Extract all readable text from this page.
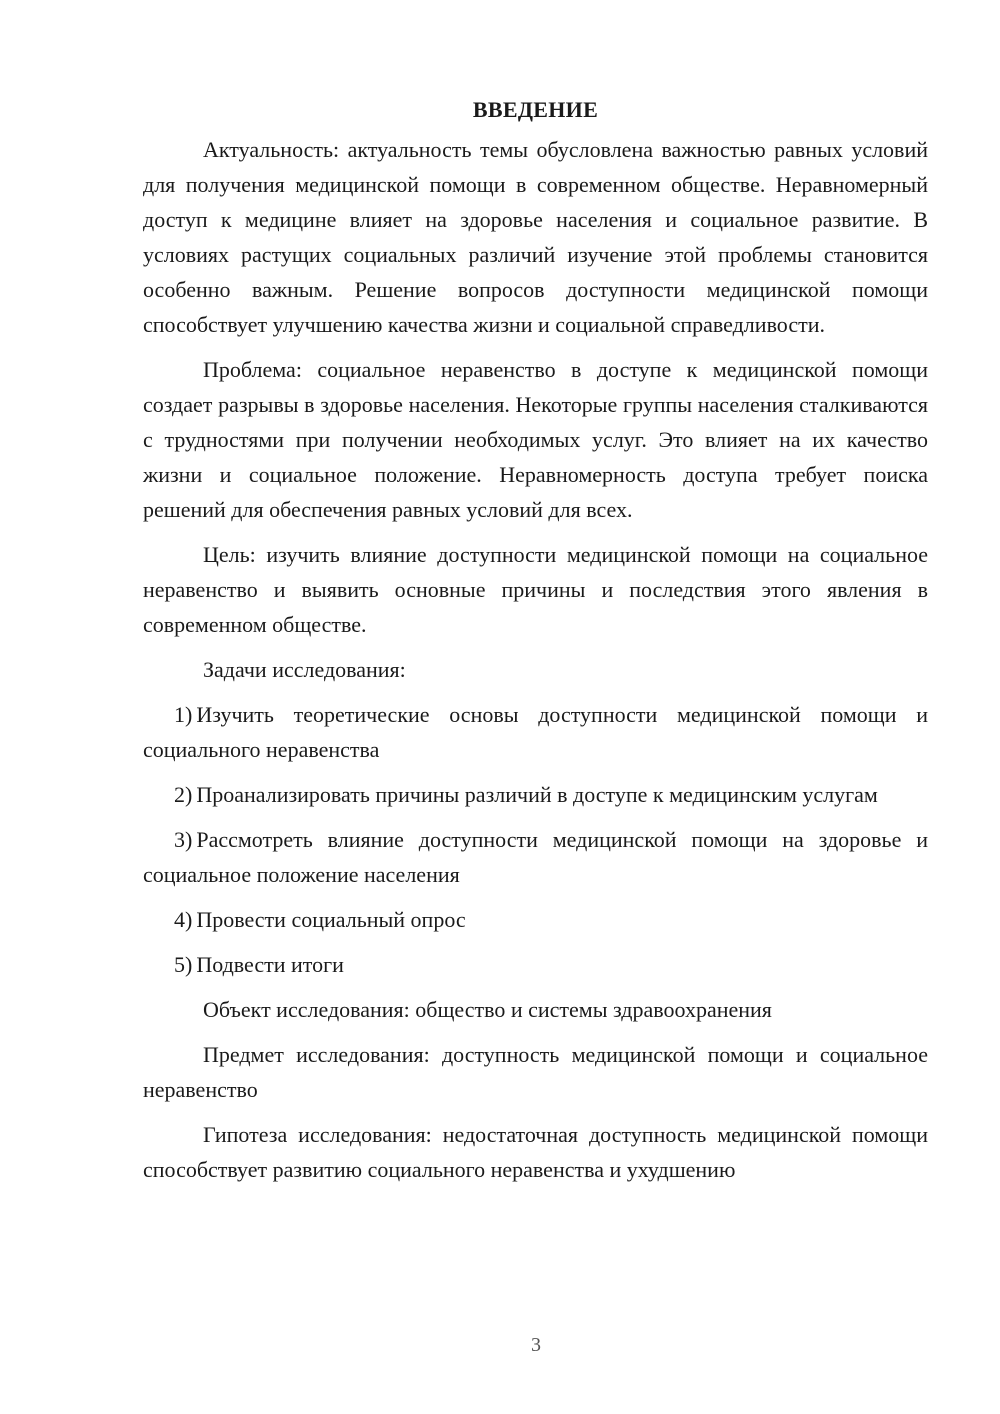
ВВЕДЕНИЕ

Актуальность: актуальность темы обусловлена важностью равных условий для получения медицинской помощи в современном обществе. Неравномерный доступ к медицине влияет на здоровье населения и социальное развитие. В условиях растущих социальных различий изучение этой проблемы становится особенно важным. Решение вопросов доступности медицинской помощи способствует улучшению качества жизни и социальной справедливости.

Проблема: социальное неравенство в доступе к медицинской помощи создает разрывы в здоровье населения. Некоторые группы населения сталкиваются с трудностями при получении необходимых услуг. Это влияет на их качество жизни и социальное положение. Неравномерность доступа требует поиска решений для обеспечения равных условий для всех.

Цель: изучить влияние доступности медицинской помощи на социальное неравенство и выявить основные причины и последствия этого явления в современном обществе.

Задачи исследования:

1) Изучить теоретические основы доступности медицинской помощи и социального неравенства

2) Проанализировать причины различий в доступе к медицинским услугам

3) Рассмотреть влияние доступности медицинской помощи на здоровье и социальное положение населения

4) Провести социальный опрос

5) Подвести итоги

Объект исследования: общество и системы здравоохранения

Предмет исследования: доступность медицинской помощи и социальное неравенство

Гипотеза исследования: недостаточная доступность медицинской помощи способствует развитию социального неравенства и ухудшению

3
